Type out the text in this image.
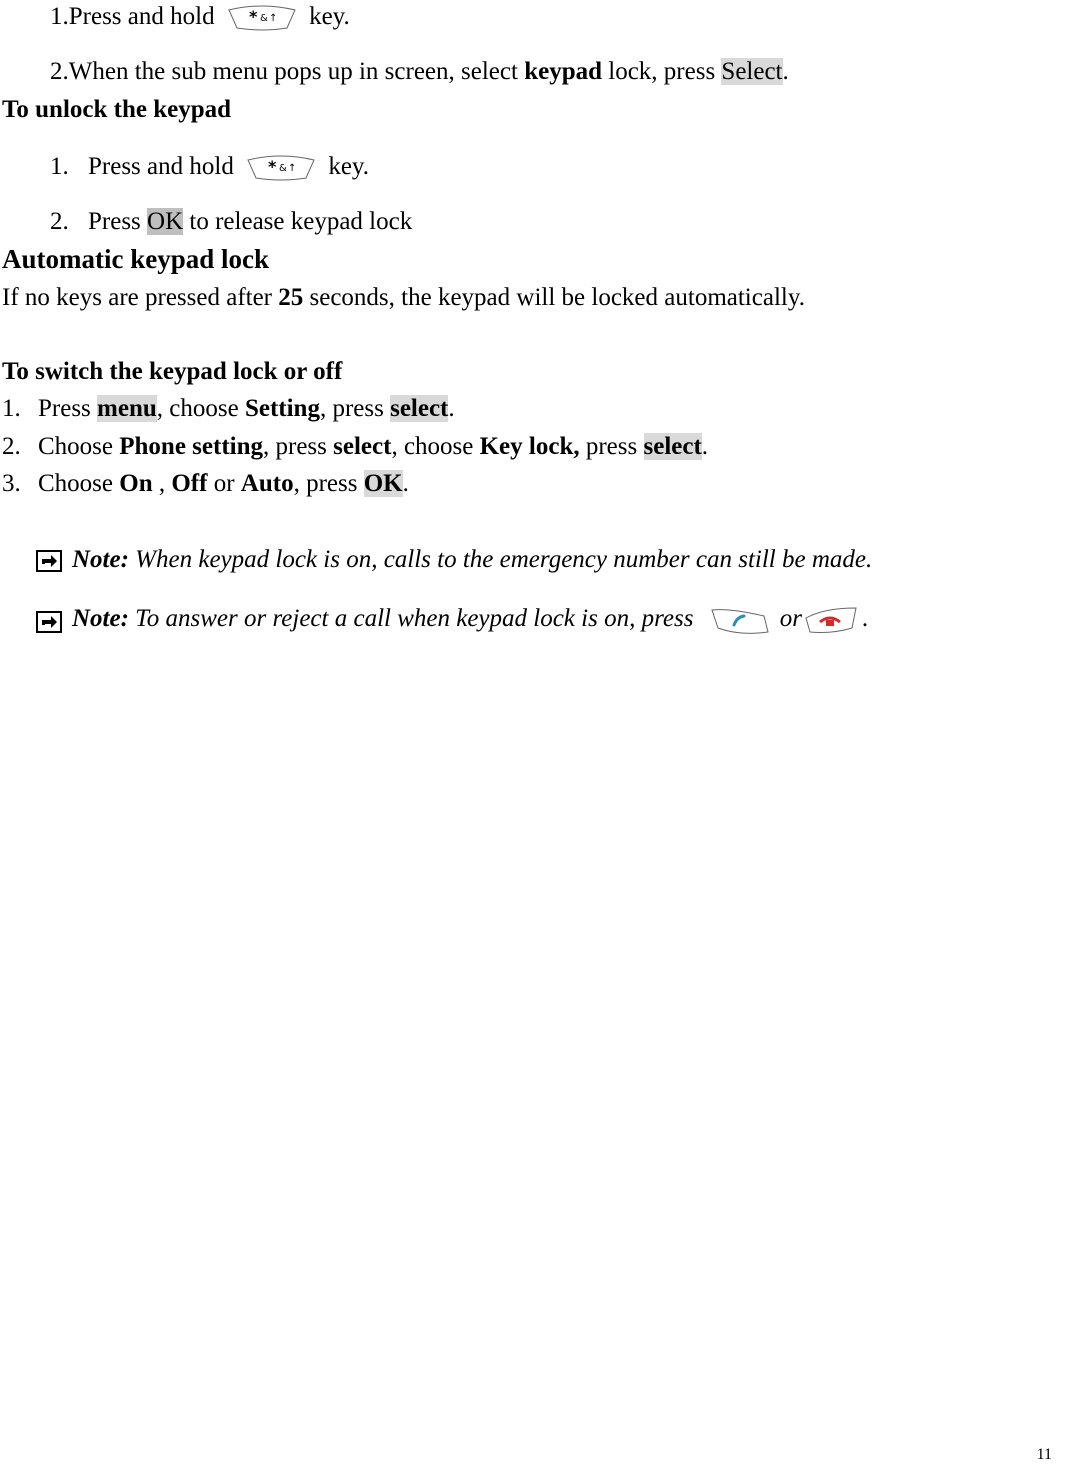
1.Press and hold * & ↑ key.
2.When the sub menu pops up in screen, select keypad lock, press Select.
To unlock the keypad
1. Press and hold * & ↑ key.
2. Press OK to release keypad lock
Automatic keypad lock
If no keys are pressed after 25 seconds, the keypad will be locked automatically.
To switch the keypad lock or off
1. Press menu, choose Setting, press select.
2. Choose Phone setting, press select, choose Key lock, press select.
3. Choose On , Off or Auto, press OK.
Note: When keypad lock is on, calls to the emergency number can still be made.
Note: To answer or reject a call when keypad lock is on, press	or .
11
